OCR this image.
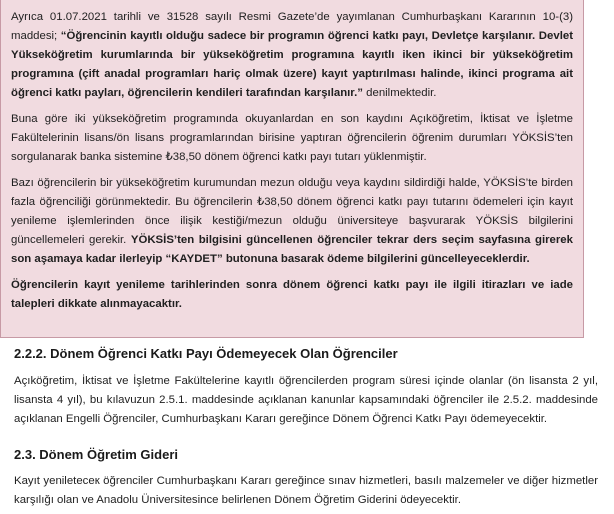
Ayrıca 01.07.2021 tarihli ve 31528 sayılı Resmi Gazete’de yayımlanan Cumhurbaşkanı Kararının 10-(3) maddesi; “Öğrencinin kayıtlı olduğu sadece bir programın öğrenci katkı payı, Devletçe karşılanır. Devlet Yükseköğretim kurumlarında bir yükseköğretim programına kayıtlı iken ikinci bir yükseköğretim programına (çift anadal programları hariç olmak üzere) kayıt yaptırılması halinde, ikinci programa ait öğrenci katkı payları, öğrencilerin kendileri tarafından karşılanır.” denilmektedir.

Buna göre iki yükseköğretim programında okuyanlardan en son kaydını Açıköğretim, İktisat ve İşletme Fakültelerinin lisans/ön lisans programlarından birisine yaptıran öğrencilerin öğrenim durumları YÖKSİS’ten sorgulanarak banka sistemine ₺38,50 dönem öğrenci katkı payı tutarı yüklenmiştir.

Bazı öğrencilerin bir yükseköğretim kurumundan mezun olduğu veya kaydını sildirdiği halde, YÖKSİS’te birden fazla öğrenciliği görünmektedir. Bu öğrencilerin ₺38,50 dönem öğrenci katkı payı tutarını ödemeleri için kayıt yenileme işlemlerinden önce ilişik kestiği/mezun olduğu üniversiteye başvurarak YÖKSİS bilgilerini güncellemeleri gerekir. YÖKSİS’ten bilgisini güncellenen öğrenciler tekrar ders seçim sayfasına girerek son aşamaya kadar ilerleyip “KAYDET” butonuna basarak ödeme bilgilerini güncelleyeceklerdir.

Öğrencilerin kayıt yenileme tarihlerinden sonra dönem öğrenci katkı payı ile ilgili itirazları ve iade talepleri dikkate alınmayacaktır.

2.2.2. Dönem Öğrenci Katkı Payı Ödemeyecek Olan Öğrenciler

Açıköğretim, İktisat ve İşletme Fakültelerine kayıtlı öğrencilerden program süresi içinde olanlar (ön lisansta 2 yıl, lisansta 4 yıl), bu kılavuzun 2.5.1. maddesinde açıklanan kanunlar kapsamındaki öğrenciler ile 2.5.2. maddesinde açıklanan Engelli Öğrenciler, Cumhurbaşkanı Kararı gereğince Dönem Öğrenci Katkı Payı ödemeyecektir.

2.3. Dönem Öğretim Gideri

Kayıt yenileteceк öğrenciler Cumhurbaşkanı Kararı gereğince sınav hizmetleri, basılı malzemeler ve diğer hizmetler karşılığı olan ve Anadolu Üniversitesince belirlenen Dönem Öğretim Giderini ödeyecektir.
